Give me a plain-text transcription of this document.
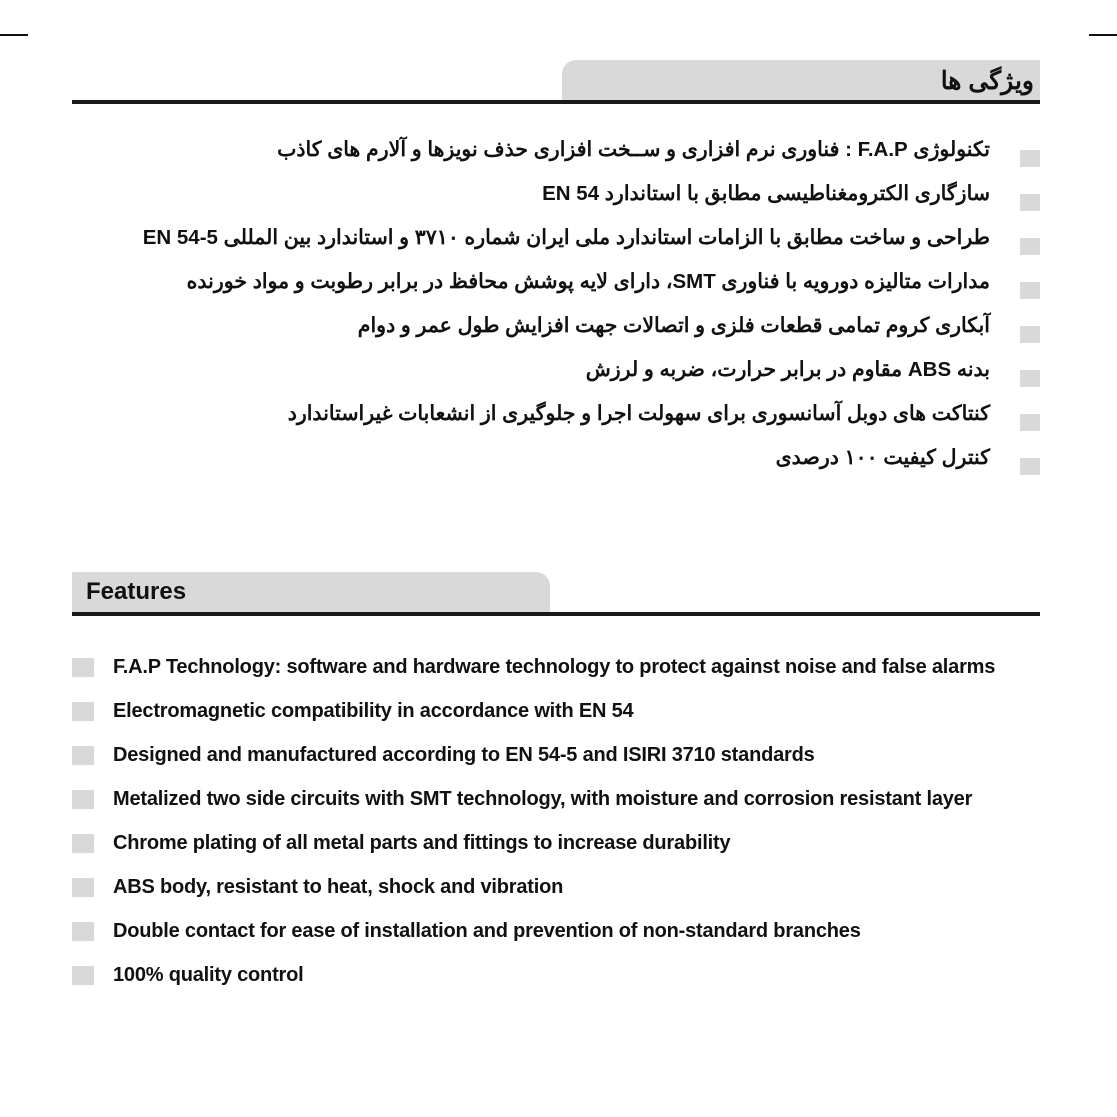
ویژگی ها
تکنولوژی F.A.P : فناوری نرم افزاری و ســخت افزاری حذف نویزها و آلارم های کاذب
سازگاری الکترومغناطیسی مطابق با استاندارد EN 54
طراحی و ساخت مطابق با الزامات استاندارد ملی ایران شماره ۳۷۱۰ و استاندارد بین المللی EN 54-5
مدارات متالیزه دورویه با فناوری SMT، دارای لایه پوشش محافظ در برابر رطوبت و مواد خورنده
آبکاری کروم تمامی قطعات فلزی و اتصالات جهت افزایش طول عمر و دوام
بدنه ABS مقاوم در برابر حرارت، ضربه و لرزش
کنتاکت های دوبل آسانسوری برای سهولت اجرا و جلوگیری از انشعابات غیراستاندارد
کنترل کیفیت ۱۰۰ درصدی
Features
F.A.P Technology: software and hardware technology to protect against noise and false alarms
Electromagnetic compatibility in accordance with EN 54
Designed and manufactured according to EN 54-5 and ISIRI 3710 standards
Metalized two side circuits with SMT technology, with moisture and corrosion resistant layer
Chrome plating of all metal parts and fittings to increase durability
ABS body, resistant to heat, shock and vibration
Double contact for ease of installation and prevention of non-standard branches
100% quality control
